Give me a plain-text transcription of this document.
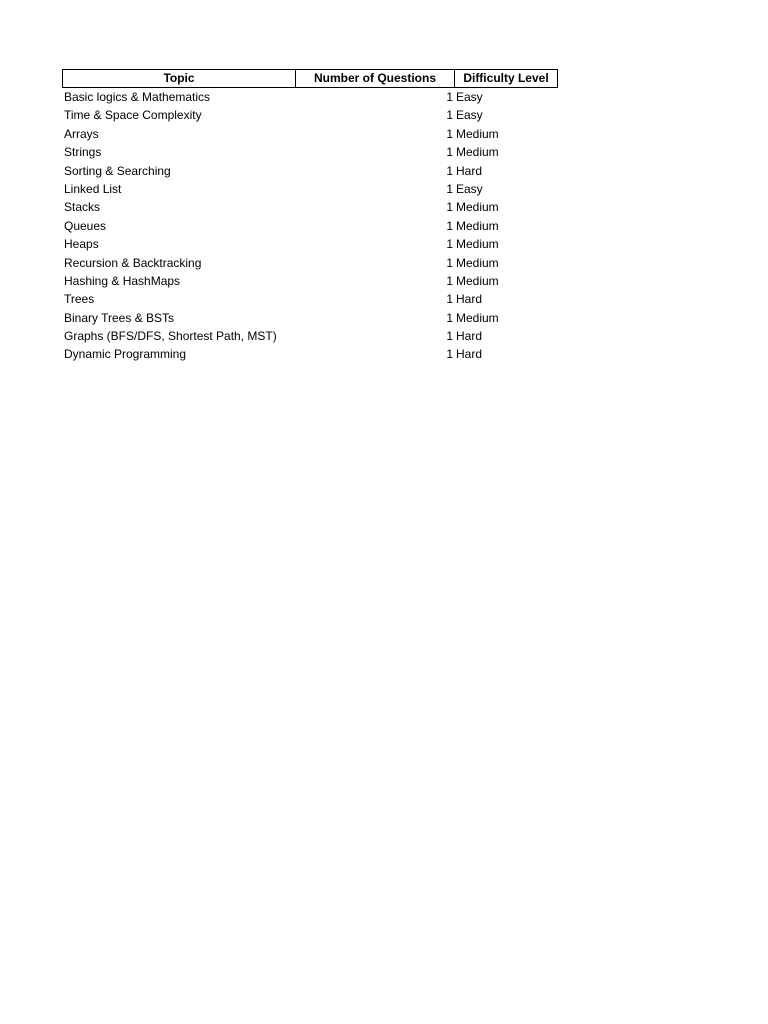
Topic	Number of Questions	Difficulty Level
Basic logics & Mathematics	1 Easy
Time & Space Complexity	1 Easy
Arrays	1 Medium
Strings	1 Medium
Sorting & Searching	1 Hard
Linked List	1 Easy
Stacks	1 Medium
Queues	1 Medium
Heaps	1 Medium
Recursion & Backtracking	1 Medium
Hashing & HashMaps	1 Medium
Trees	1 Hard
Binary Trees & BSTs	1 Medium
Graphs (BFS/DFS, Shortest Path, MST)	1 Hard
Dynamic Programming	1 Hard
